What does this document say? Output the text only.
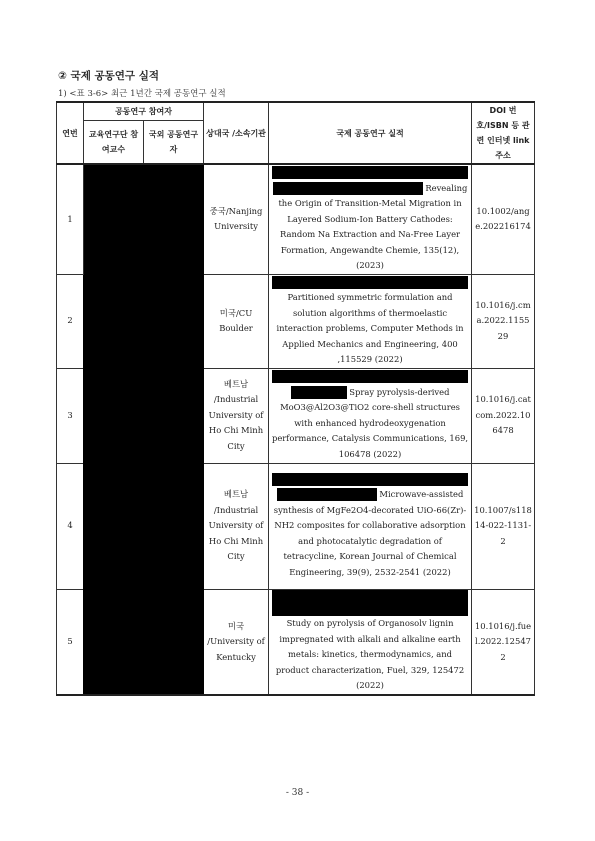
② 국제 공동연구 실적
1) <표 3-6> 최근 1년간 국제 공동연구 실적
연번	공동연구 참여자		상대국 /소속기관	국제 공동연구 실적	DOI 번호/ISBN 등 관련 인터넷 link 주소
	교육연구단 참여교수	국외 공동연구자			
1			중국/Nanjing University	Revealing the Origin of Transition-Metal Migration in Layered Sodium-Ion Battery Cathodes: Random Na Extraction and Na-Free Layer Formation, Angewandte Chemie, 135(12), (2023)	10.1002/ange.202216174
2			미국/CU Boulder	Partitioned symmetric formulation and solution algorithms of thermoelastic interaction problems, Computer Methods in Applied Mechanics and Engineering, 400 ,115529 (2022)	10.1016/j.cma.2022.115529
3			베트남 /Industrial University of Ho Chi Minh City	Spray pyrolysis-derived MoO3@Al2O3@TiO2 core-shell structures with enhanced hydrodeoxygenation performance, Catalysis Communications, 169, 106478 (2022)	10.1016/j.catcom.2022.106478
4			베트남 /Industrial University of Ho Chi Minh City	Microwave-assisted synthesis of MgFe2O4-decorated UiO-66(Zr)-NH2 composites for collaborative adsorption and photocatalytic degradation of tetracycline, Korean Journal of Chemical Engineering, 39(9), 2532-2541 (2022)	10.1007/s11814-022-1131-2
5			미국 /University of Kentucky	Study on pyrolysis of Organosolv lignin impregnated with alkali and alkaline earth metals: kinetics, thermodynamics, and product characterization, Fuel, 329, 125472 (2022)	10.1016/j.fuel.2022.125472
- 38 -
